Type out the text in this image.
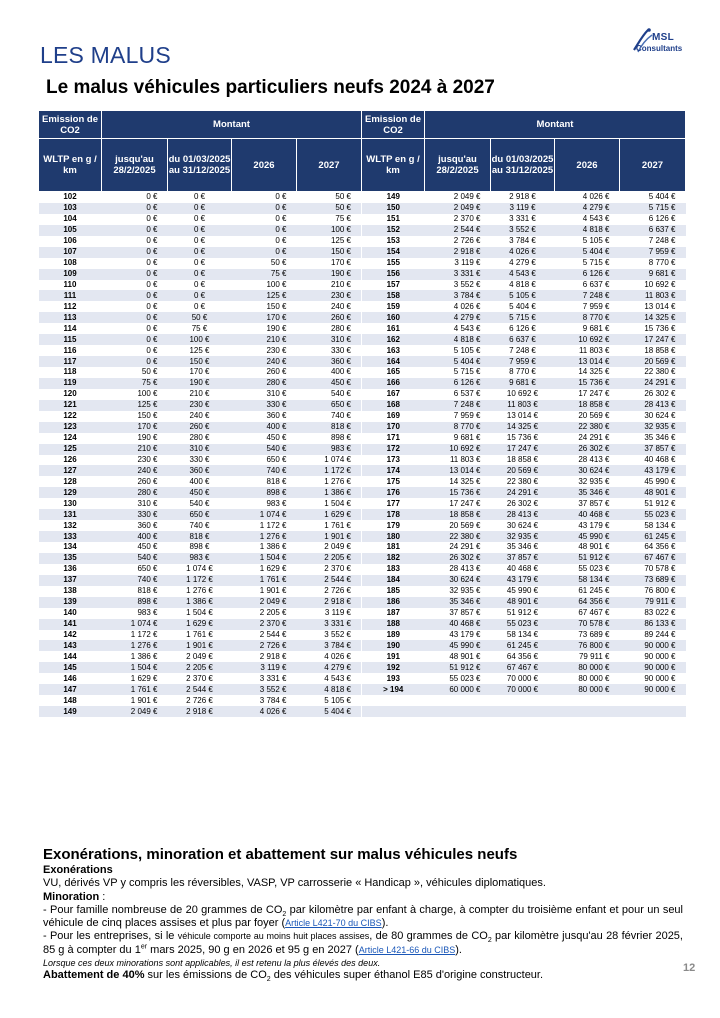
LES MALUS
MSL
Consultants
Le malus véhicules particuliers neufs 2024 à 2027
Emission de CO2	Montant				Emission de CO2	Montant			
WLTP en g / km	jusqu'au 28/2/2025	du 01/03/2025 au 31/12/2025	2026	2027	WLTP en g / km	jusqu'au 28/2/2025	du 01/03/2025 au 31/12/2025	2026	2027
102	0 €	0 €	0 €	50 €	149	2 049 €	2 918 €	4 026 €	5 404 €
103	0 €	0 €	0 €	50 €	150	2 049 €	3 119 €	4 279 €	5 715 €
104	0 €	0 €	0 €	75 €	151	2 370 €	3 331 €	4 543 €	6 126 €
105	0 €	0 €	0 €	100 €	152	2 544 €	3 552 €	4 818 €	6 637 €
106	0 €	0 €	0 €	125 €	153	2 726 €	3 784 €	5 105 €	7 248 €
107	0 €	0 €	0 €	150 €	154	2 918 €	4 026 €	5 404 €	7 959 €
108	0 €	0 €	50 €	170 €	155	3 119 €	4 279 €	5 715 €	8 770 €
109	0 €	0 €	75 €	190 €	156	3 331 €	4 543 €	6 126 €	9 681 €
110	0 €	0 €	100 €	210 €	157	3 552 €	4 818 €	6 637 €	10 692 €
111	0 €	0 €	125 €	230 €	158	3 784 €	5 105 €	7 248 €	11 803 €
112	0 €	0 €	150 €	240 €	159	4 026 €	5 404 €	7 959 €	13 014 €
113	0 €	50 €	170 €	260 €	160	4 279 €	5 715 €	8 770 €	14 325 €
114	0 €	75 €	190 €	280 €	161	4 543 €	6 126 €	9 681 €	15 736 €
115	0 €	100 €	210 €	310 €	162	4 818 €	6 637 €	10 692 €	17 247 €
116	0 €	125 €	230 €	330 €	163	5 105 €	7 248 €	11 803 €	18 858 €
117	0 €	150 €	240 €	360 €	164	5 404 €	7 959 €	13 014 €	20 569 €
118	50 €	170 €	260 €	400 €	165	5 715 €	8 770 €	14 325 €	22 380 €
119	75 €	190 €	280 €	450 €	166	6 126 €	9 681 €	15 736 €	24 291 €
120	100 €	210 €	310 €	540 €	167	6 537 €	10 692 €	17 247 €	26 302 €
121	125 €	230 €	330 €	650 €	168	7 248 €	11 803 €	18 858 €	28 413 €
122	150 €	240 €	360 €	740 €	169	7 959 €	13 014 €	20 569 €	30 624 €
123	170 €	260 €	400 €	818 €	170	8 770 €	14 325 €	22 380 €	32 935 €
124	190 €	280 €	450 €	898 €	171	9 681 €	15 736 €	24 291 €	35 346 €
125	210 €	310 €	540 €	983 €	172	10 692 €	17 247 €	26 302 €	37 857 €
126	230 €	330 €	650 €	1 074 €	173	11 803 €	18 858 €	28 413 €	40 468 €
127	240 €	360 €	740 €	1 172 €	174	13 014 €	20 569 €	30 624 €	43 179 €
128	260 €	400 €	818 €	1 276 €	175	14 325 €	22 380 €	32 935 €	45 990 €
129	280 €	450 €	898 €	1 386 €	176	15 736 €	24 291 €	35 346 €	48 901 €
130	310 €	540 €	983 €	1 504 €	177	17 247 €	26 302 €	37 857 €	51 912 €
131	330 €	650 €	1 074 €	1 629 €	178	18 858 €	28 413 €	40 468 €	55 023 €
132	360 €	740 €	1 172 €	1 761 €	179	20 569 €	30 624 €	43 179 €	58 134 €
133	400 €	818 €	1 276 €	1 901 €	180	22 380 €	32 935 €	45 990 €	61 245 €
134	450 €	898 €	1 386 €	2 049 €	181	24 291 €	35 346 €	48 901 €	64 356 €
135	540 €	983 €	1 504 €	2 205 €	182	26 302 €	37 857 €	51 912 €	67 467 €
136	650 €	1 074 €	1 629 €	2 370 €	183	28 413 €	40 468 €	55 023 €	70 578 €
137	740 €	1 172 €	1 761 €	2 544 €	184	30 624 €	43 179 €	58 134 €	73 689 €
138	818 €	1 276 €	1 901 €	2 726 €	185	32 935 €	45 990 €	61 245 €	76 800 €
139	898 €	1 386 €	2 049 €	2 918 €	186	35 346 €	48 901 €	64 356 €	79 911 €
140	983 €	1 504 €	2 205 €	3 119 €	187	37 857 €	51 912 €	67 467 €	83 022 €
141	1 074 €	1 629 €	2 370 €	3 331 €	188	40 468 €	55 023 €	70 578 €	86 133 €
142	1 172 €	1 761 €	2 544 €	3 552 €	189	43 179 €	58 134 €	73 689 €	89 244 €
143	1 276 €	1 901 €	2 726 €	3 784 €	190	45 990 €	61 245 €	76 800 €	90 000 €
144	1 386 €	2 049 €	2 918 €	4 026 €	191	48 901 €	64 356 €	79 911 €	90 000 €
145	1 504 €	2 205 €	3 119 €	4 279 €	192	51 912 €	67 467 €	80 000 €	90 000 €
146	1 629 €	2 370 €	3 331 €	4 543 €	193	55 023 €	70 000 €	80 000 €	90 000 €
147	1 761 €	2 544 €	3 552 €	4 818 €	> 194	60 000 €	70 000 €	80 000 €	90 000 €
148	1 901 €	2 726 €	3 784 €	5 105 €					
149	2 049 €	2 918 €	4 026 €	5 404 €					

Exonérations, minoration et abattement sur malus véhicules neufs

Exonérations

VU, dérivés VP y compris les réversibles, VASP, VP carrosserie « Handicap », véhicules diplomatiques.

Minoration :

- Pour famille nombreuse de 20 grammes de $CO_2$ par kilomètre par enfant à charge, à compter du troisième enfant et pour un seul véhicule de cinq places assises et plus par foyer (Article L421-70 du CIBS).

- Pour les entreprises, si le véhicule comporte au moins huit places assises, de 80 grammes de $CO_2$ par kilomètre jusqu'au 28 février 2025, 85 g à compter du 1er mars 2025, 90 g en 2026 et 95 g en 2027 (Article L421-66 du CIBS).

Lorsque ces deux minorations sont applicables, il est retenu la plus élevés des deux.

Abattement de 40% sur les émissions de $CO_2$ des véhicules super éthanol E85 d'origine constructeur.

12
